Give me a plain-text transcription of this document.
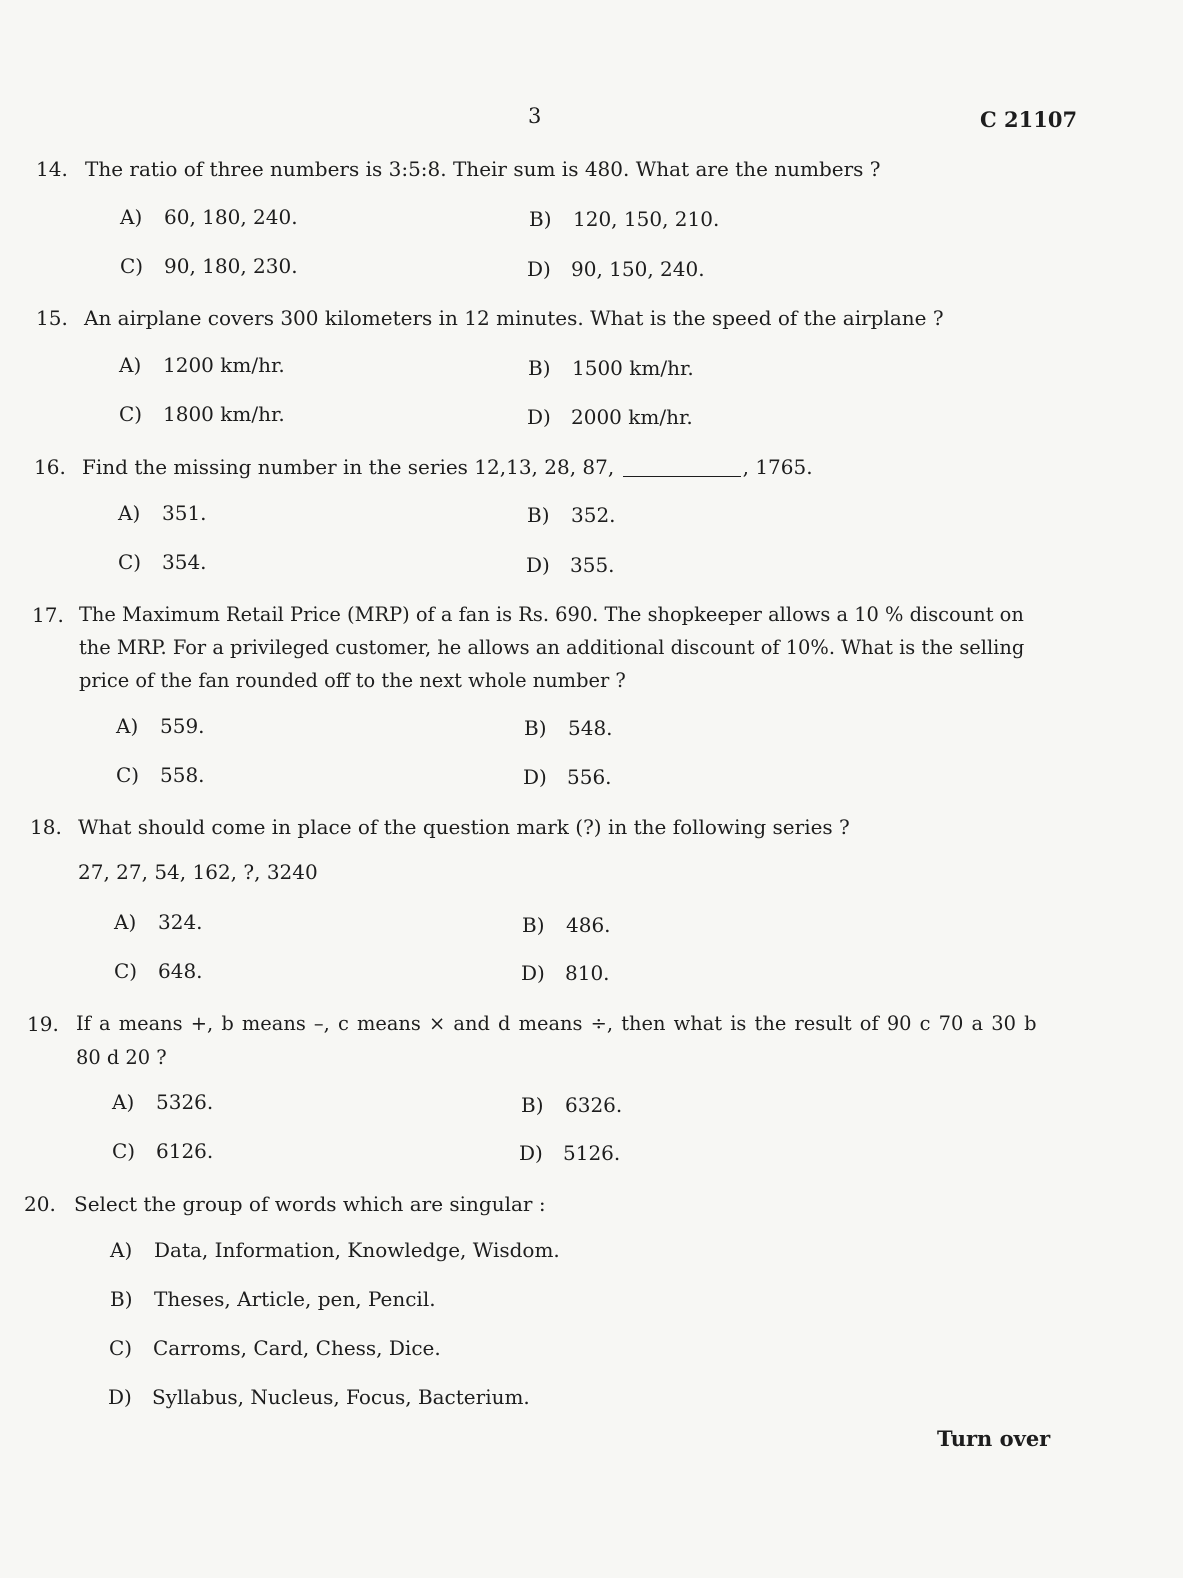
3	C 21107
14. The ratio of three numbers is 3:5:8. Their sum is 480. What are the numbers ?
A) 60, 180, 240.	B) 120, 150, 210.
C) 90, 180, 230.	D) 90, 150, 240.
15. An airplane covers 300 kilometers in 12 minutes. What is the speed of the airplane ?
A) 1200 km/hr.	B) 1500 km/hr.
C) 1800 km/hr.	D) 2000 km/hr.
16. Find the missing number in the series 12,13, 28, 87,	, 1765.
A) 351.	B) 352.
C) 354.	D) 355.
17. The Maximum Retail Price (MRP) of a fan is Rs. 690. The shopkeeper allows a 10 % discount on
the MRP. For a privileged customer, he allows an additional discount of 10%. What is the selling
price of the fan rounded off to the next whole number ?
A) 559.	B) 548.
C) 558.	D) 556.
18. What should come in place of the question mark (?) in the following series ?
27, 27, 54, 162, ?, 3240
A) 324.	B) 486.
C) 648.	D) 810.
19. If a means +, b means –, c means × and d means ÷, then what is the result of 90 c 70 a 30 b
80 d 20 ?
A) 5326.	B) 6326.
C) 6126.	D) 5126.
20. Select the group of words which are singular :
A) Data, Information, Knowledge, Wisdom.
B) Theses, Article, pen, Pencil.
C) Carroms, Card, Chess, Dice.
D) Syllabus, Nucleus, Focus, Bacterium.
Turn over
